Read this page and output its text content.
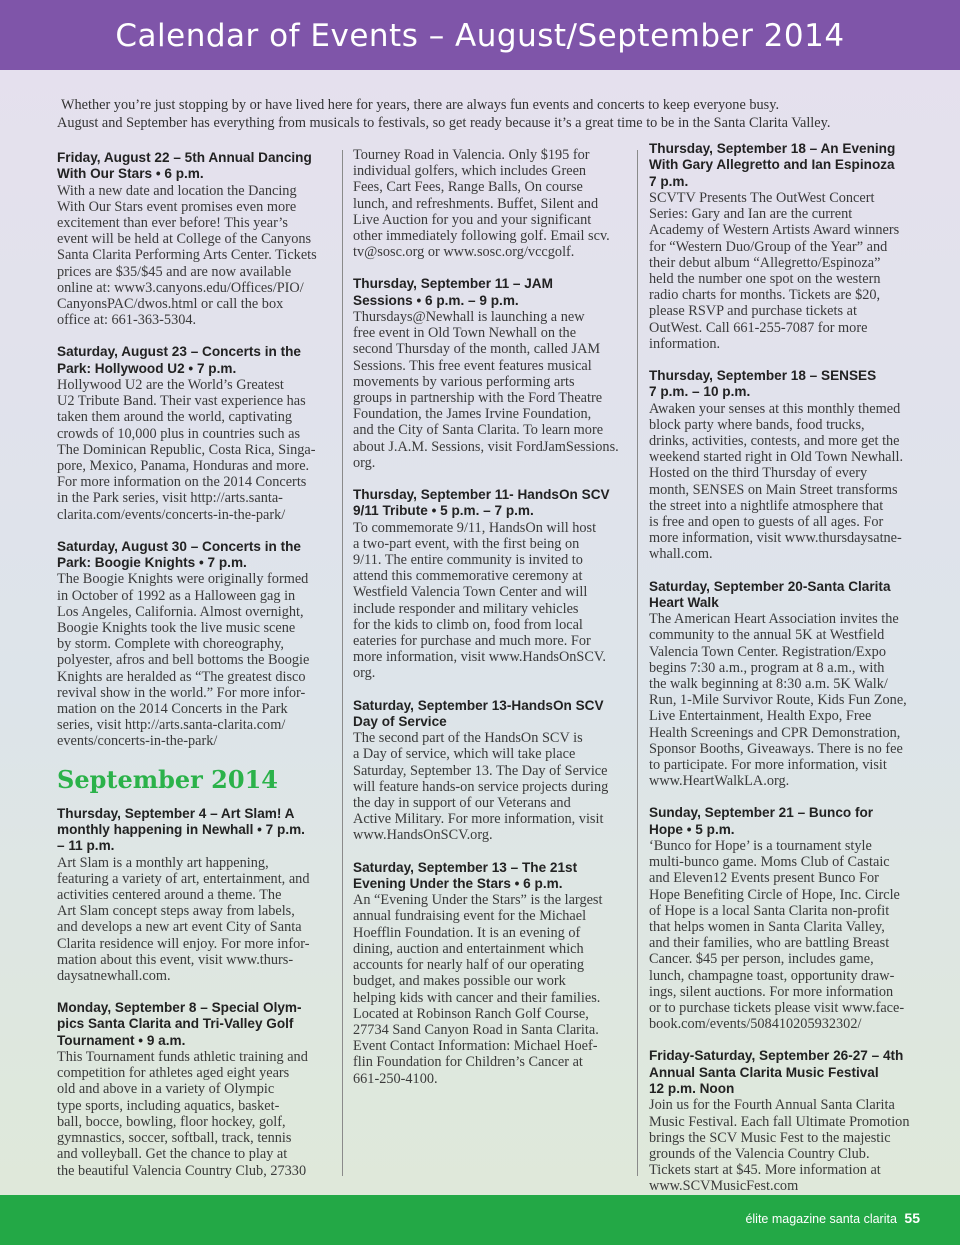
Calendar of Events – August/September 2014
Whether you’re just stopping by or have lived here for years, there are always fun events and concerts to keep everyone busy.
August and September has everything from musicals to festivals, so get ready because it’s a great time to be in the Santa Clarita Valley.
Friday, August 22 – 5th Annual Dancing
With Our Stars • 6 p.m.
With a new date and location the Dancing
With Our Stars event promises even more
excitement than ever before! This year’s
event will be held at College of the Canyons
Santa Clarita Performing Arts Center. Tickets
prices are $35/$45 and are now available
online at: www3.canyons.edu/Offices/PIO/
CanyonsPAC/dwos.html or call the box
office at: 661-363-5304.
Saturday, August 23 – Concerts in the
Park: Hollywood U2 • 7 p.m.
Hollywood U2 are the World’s Greatest
U2 Tribute Band. Their vast experience has
taken them around the world, captivating
crowds of 10,000 plus in countries such as
The Dominican Republic, Costa Rica, Singa-
pore, Mexico, Panama, Honduras and more.
For more information on the 2014 Concerts
in the Park series, visit http://arts.santa-
clarita.com/events/concerts-in-the-park/
Saturday, August 30 – Concerts in the
Park: Boogie Knights • 7 p.m.
The Boogie Knights were originally formed
in October of 1992 as a Halloween gag in
Los Angeles, California. Almost overnight,
Boogie Knights took the live music scene
by storm. Complete with choreography,
polyester, afros and bell bottoms the Boogie
Knights are heralded as “The greatest disco
revival show in the world.” For more infor-
mation on the 2014 Concerts in the Park
series, visit http://arts.santa-clarita.com/
events/concerts-in-the-park/
September 2014
Thursday, September 4 – Art Slam! A
monthly happening in Newhall • 7 p.m.
– 11 p.m.
Art Slam is a monthly art happening,
featuring a variety of art, entertainment, and
activities centered around a theme. The
Art Slam concept steps away from labels,
and develops a new art event City of Santa
Clarita residence will enjoy. For more infor-
mation about this event, visit www.thurs-
daysatnewhall.com.
Monday, September 8 – Special Olym-
pics Santa Clarita and Tri-Valley Golf
Tournament • 9 a.m.
This Tournament funds athletic training and
competition for athletes aged eight years
old and above in a variety of Olympic
type sports, including aquatics, basket-
ball, bocce, bowling, floor hockey, golf,
gymnastics, soccer, softball, track, tennis
and volleyball. Get the chance to play at
the beautiful Valencia Country Club, 27330
Tourney Road in Valencia. Only $195 for
individual golfers, which includes Green
Fees, Cart Fees, Range Balls, On course
lunch, and refreshments. Buffet, Silent and
Live Auction for you and your significant
other immediately following golf. Email scv.
tv@sosc.org or www.sosc.org/vccgolf.
Thursday, September 11 – JAM
Sessions • 6 p.m. – 9 p.m.
Thursdays@Newhall is launching a new
free event in Old Town Newhall on the
second Thursday of the month, called JAM
Sessions. This free event features musical
movements by various performing arts
groups in partnership with the Ford Theatre
Foundation, the James Irvine Foundation,
and the City of Santa Clarita. To learn more
about J.A.M. Sessions, visit FordJamSessions.
org.
Thursday, September 11- HandsOn SCV
9/11 Tribute • 5 p.m. – 7 p.m.
To commemorate 9/11, HandsOn will host
a two-part event, with the first being on
9/11. The entire community is invited to
attend this commemorative ceremony at
Westfield Valencia Town Center and will
include responder and military vehicles
for the kids to climb on, food from local
eateries for purchase and much more. For
more information, visit www.HandsOnSCV.
org.
Saturday, September 13-HandsOn SCV
Day of Service
The second part of the HandsOn SCV is
a Day of service, which will take place
Saturday, September 13. The Day of Service
will feature hands-on service projects during
the day in support of our Veterans and
Active Military. For more information, visit
www.HandsOnSCV.org.
Saturday, September 13 – The 21st
Evening Under the Stars • 6 p.m.
An “Evening Under the Stars” is the largest
annual fundraising event for the Michael
Hoefflin Foundation. It is an evening of
dining, auction and entertainment which
accounts for nearly half of our operating
budget, and makes possible our work
helping kids with cancer and their families.
Located at Robinson Ranch Golf Course,
27734 Sand Canyon Road in Santa Clarita.
Event Contact Information: Michael Hoef-
flin Foundation for Children’s Cancer at
661-250-4100.
Thursday, September 18 – An Evening
With Gary Allegretto and Ian Espinoza
7 p.m.
SCVTV Presents The OutWest Concert
Series: Gary and Ian are the current
Academy of Western Artists Award winners
for “Western Duo/Group of the Year” and
their debut album “Allegretto/Espinoza”
held the number one spot on the western
radio charts for months. Tickets are $20,
please RSVP and purchase tickets at
OutWest. Call 661-255-7087 for more
information.
Thursday, September 18 – SENSES
7 p.m. – 10 p.m.
Awaken your senses at this monthly themed
block party where bands, food trucks,
drinks, activities, contests, and more get the
weekend started right in Old Town Newhall.
Hosted on the third Thursday of every
month, SENSES on Main Street transforms
the street into a nightlife atmosphere that
is free and open to guests of all ages. For
more information, visit www.thursdaysatne-
whall.com.
Saturday, September 20-Santa Clarita
Heart Walk
The American Heart Association invites the
community to the annual 5K at Westfield
Valencia Town Center. Registration/Expo
begins 7:30 a.m., program at 8 a.m., with
the walk beginning at 8:30 a.m. 5K Walk/
Run, 1-Mile Survivor Route, Kids Fun Zone,
Live Entertainment, Health Expo, Free
Health Screenings and CPR Demonstration,
Sponsor Booths, Giveaways. There is no fee
to participate. For more information, visit
www.HeartWalkLA.org.
Sunday, September 21 – Bunco for
Hope • 5 p.m.
‘Bunco for Hope’ is a tournament style
multi-bunco game. Moms Club of Castaic
and Eleven12 Events present Bunco For
Hope Benefiting Circle of Hope, Inc. Circle
of Hope is a local Santa Clarita non-profit
that helps women in Santa Clarita Valley,
and their families, who are battling Breast
Cancer. $45 per person, includes game,
lunch, champagne toast, opportunity draw-
ings, silent auctions. For more information
or to purchase tickets please visit www.face-
book.com/events/508410205932302/
Friday-Saturday, September 26-27 – 4th
Annual Santa Clarita Music Festival
12 p.m. Noon
Join us for the Fourth Annual Santa Clarita
Music Festival. Each fall Ultimate Promotion
brings the SCV Music Fest to the majestic
grounds of the Valencia Country Club.
Tickets start at $45. More information at
www.SCVMusicFest.com
élite magazine santa clarita 55
